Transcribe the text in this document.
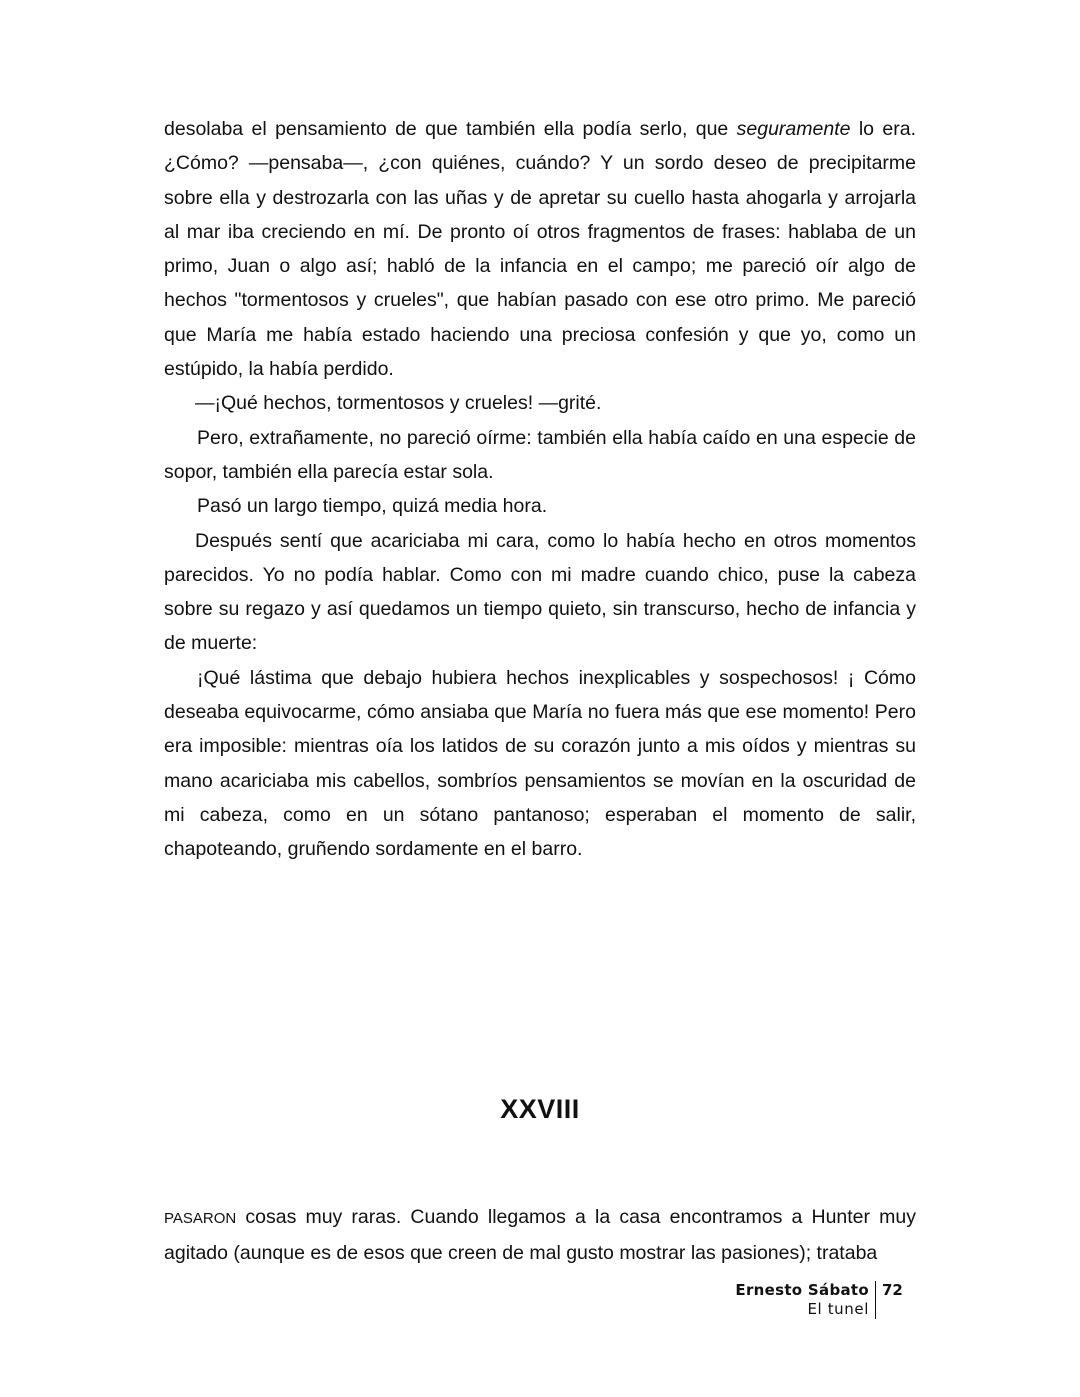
desolaba el pensamiento de que también ella podía serlo, que seguramente lo era. ¿Cómo? —pensaba—, ¿con quiénes, cuándo? Y un sordo deseo de precipitarme sobre ella y destrozarla con las uñas y de apretar su cuello hasta ahogarla y arrojarla al mar iba creciendo en mí. De pronto oí otros fragmentos de frases: hablaba de un primo, Juan o algo así; habló de la infancia en el campo; me pareció oír algo de hechos "tormentosos y crueles", que habían pasado con ese otro primo. Me pareció que María me había estado haciendo una preciosa confesión y que yo, como un estúpido, la había perdido.

—¡Qué hechos, tormentosos y crueles! —grité.

Pero, extrañamente, no pareció oírme: también ella había caído en una especie de sopor, también ella parecía estar sola.

Pasó un largo tiempo, quizá media hora.

Después sentí que acariciaba mi cara, como lo había hecho en otros momentos parecidos. Yo no podía hablar. Como con mi madre cuando chico, puse la cabeza sobre su regazo y así quedamos un tiempo quieto, sin transcurso, hecho de infancia y de muerte:

¡Qué lástima que debajo hubiera hechos inexplicables y sospechosos! ¡ Cómo deseaba equivocarme, cómo ansiaba que María no fuera más que ese momento! Pero era imposible: mientras oía los latidos de su corazón junto a mis oídos y mientras su mano acariciaba mis cabellos, sombríos pensamientos se movían en la oscuridad de mi cabeza, como en un sótano pantanoso; esperaban el momento de salir, chapoteando, gruñendo sordamente en el barro.

XXVIII

PASARON cosas muy raras. Cuando llegamos a la casa encontramos a Hunter muy agitado (aunque es de esos que creen de mal gusto mostrar las pasiones); trataba

Ernesto Sábato
El tunel
72
